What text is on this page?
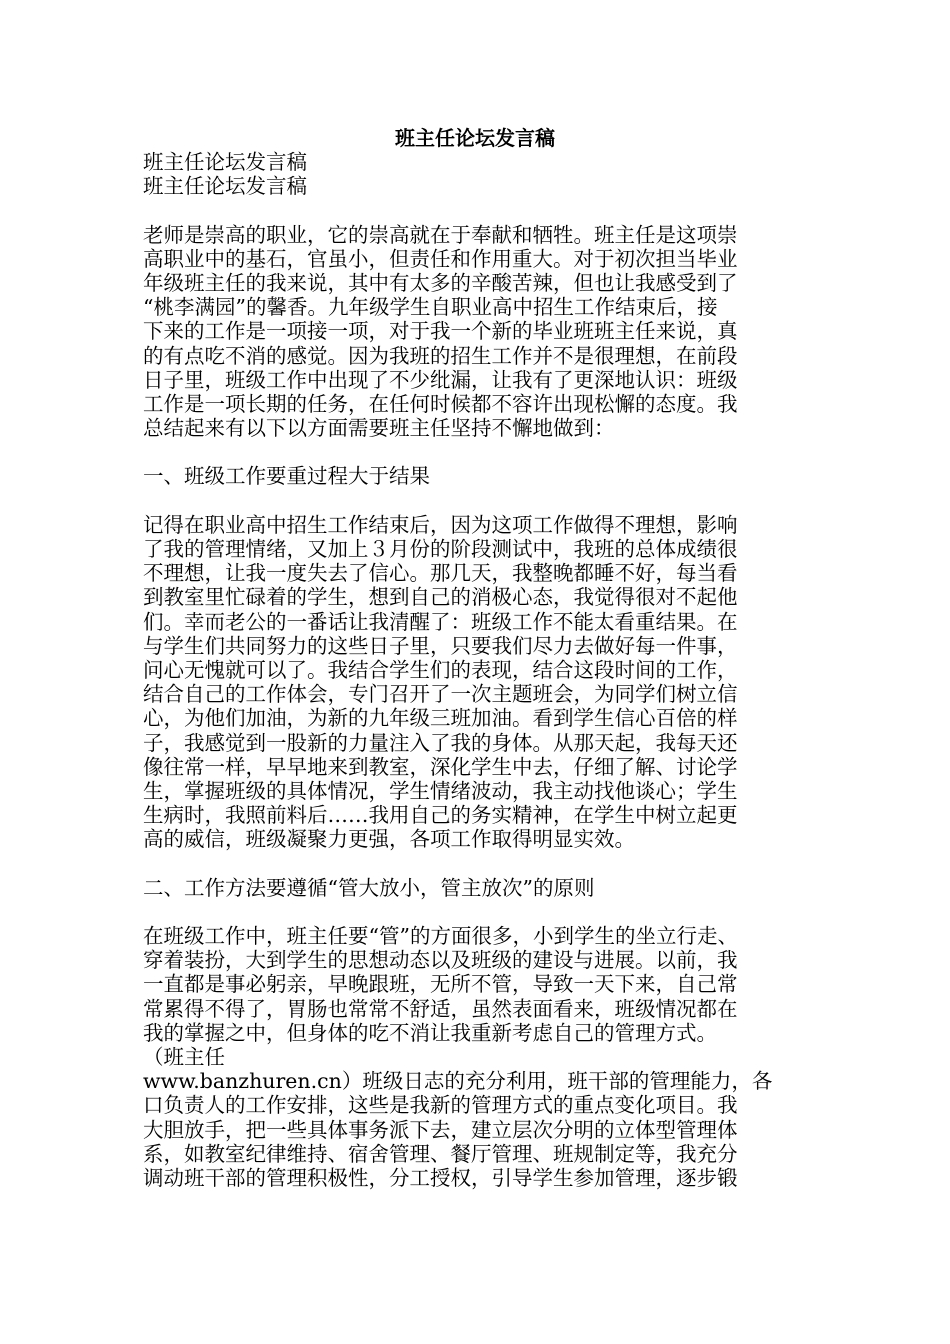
班主任论坛发言稿
班主任论坛发言稿
班主任论坛发言稿
老师是崇高的职业，它的崇高就在于奉献和牺牲。班主任是这项崇
高职业中的基石，官虽小，但责任和作用重大。对于初次担当毕业
年级班主任的我来说，其中有太多的辛酸苦辣，但也让我感受到了
“桃李满园”的馨香。九年级学生自职业高中招生工作结束后，接
下来的工作是一项接一项，对于我一个新的毕业班班主任来说，真
的有点吃不消的感觉。因为我班的招生工作并不是很理想，在前段
日子里，班级工作中出现了不少纰漏，让我有了更深地认识：班级
工作是一项长期的任务，在任何时候都不容许出现松懈的态度。我
总结起来有以下以方面需要班主任坚持不懈地做到：
一、班级工作要重过程大于结果
记得在职业高中招生工作结束后，因为这项工作做得不理想，影响
了我的管理情绪，又加上３月份的阶段测试中，我班的总体成绩很
不理想，让我一度失去了信心。那几天，我整晚都睡不好，每当看
到教室里忙碌着的学生，想到自己的消极心态，我觉得很对不起他
们。幸而老公的一番话让我清醒了：班级工作不能太看重结果。在
与学生们共同努力的这些日子里，只要我们尽力去做好每一件事，
问心无愧就可以了。我结合学生们的表现，结合这段时间的工作，
结合自己的工作体会，专门召开了一次主题班会，为同学们树立信
心，为他们加油，为新的九年级三班加油。看到学生信心百倍的样
子，我感觉到一股新的力量注入了我的身体。从那天起，我每天还
像往常一样，早早地来到教室，深化学生中去，仔细了解、讨论学
生，掌握班级的具体情况，学生情绪波动，我主动找他谈心；学生
生病时，我照前料后……我用自己的务实精神，在学生中树立起更
高的威信，班级凝聚力更强，各项工作取得明显实效。
二、工作方法要遵循“管大放小，管主放次”的原则
在班级工作中，班主任要“管”的方面很多，小到学生的坐立行走、
穿着装扮，大到学生的思想动态以及班级的建设与进展。以前，我
一直都是事必躬亲，早晚跟班，无所不管，导致一天下来，自己常
常累得不得了，胃肠也常常不舒适，虽然表面看来，班级情况都在
我的掌握之中，但身体的吃不消让我重新考虑自己的管理方式。
（班主任
www.banzhuren.cn）班级日志的充分利用，班干部的管理能力，各
口负责人的工作安排，这些是我新的管理方式的重点变化项目。我
大胆放手，把一些具体事务派下去，建立层次分明的立体型管理体
系，如教室纪律维持、宿舍管理、餐厅管理、班规制定等，我充分
调动班干部的管理积极性，分工授权，引导学生参加管理，逐步锻
